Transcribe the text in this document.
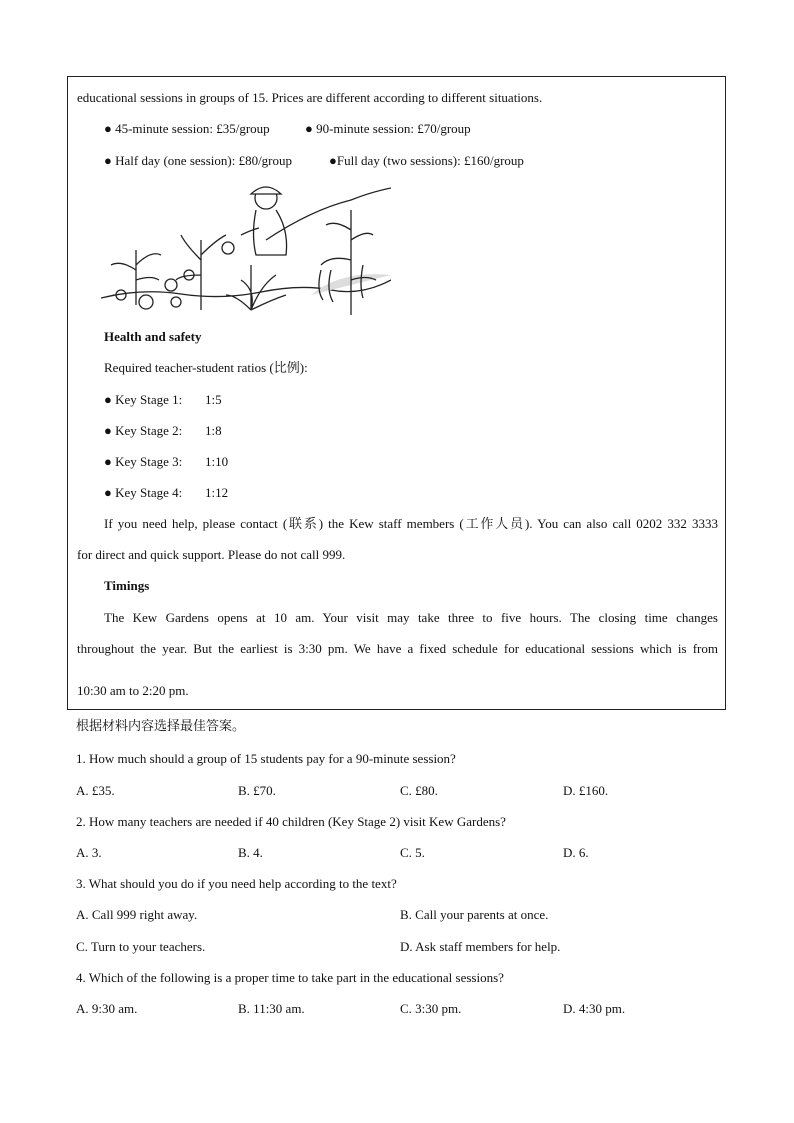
educational sessions in groups of 15. Prices are different according to different situations.
● 45-minute session: £35/group	● 90-minute session: £70/group
● Half day (one session): £80/group	●Full day (two sessions): £160/group
Health and safety
Required teacher-student ratios (比例):
● Key Stage 1: 1:5
● Key Stage 2: 1:8
● Key Stage 3: 1:10
● Key Stage 4: 1:12
If you need help, please contact (联系) the Kew staff members (工作人员). You can also call 0202 332 3333
for direct and quick support. Please do not call 999.
Timings
The Kew Gardens opens at 10 am. Your visit may take three to five hours. The closing time changes
throughout the year. But the earliest is 3:30 pm. We have a fixed schedule for educational sessions which is from
10:30 am to 2:20 pm.
根据材料内容选择最佳答案。
1. How much should a group of 15 students pay for a 90-minute session?
A. £35.	B. £70.	C. £80.	D. £160.
2. How many teachers are needed if 40 children (Key Stage 2) visit Kew Gardens?
A. 3.	B. 4.	C. 5.	D. 6.
3. What should you do if you need help according to the text?
A. Call 999 right away.	B. Call your parents at once.
C. Turn to your teachers.	D. Ask staff members for help.
4. Which of the following is a proper time to take part in the educational sessions?
A. 9:30 am.	B. 11:30 am.	C. 3:30 pm.	D. 4:30 pm.
